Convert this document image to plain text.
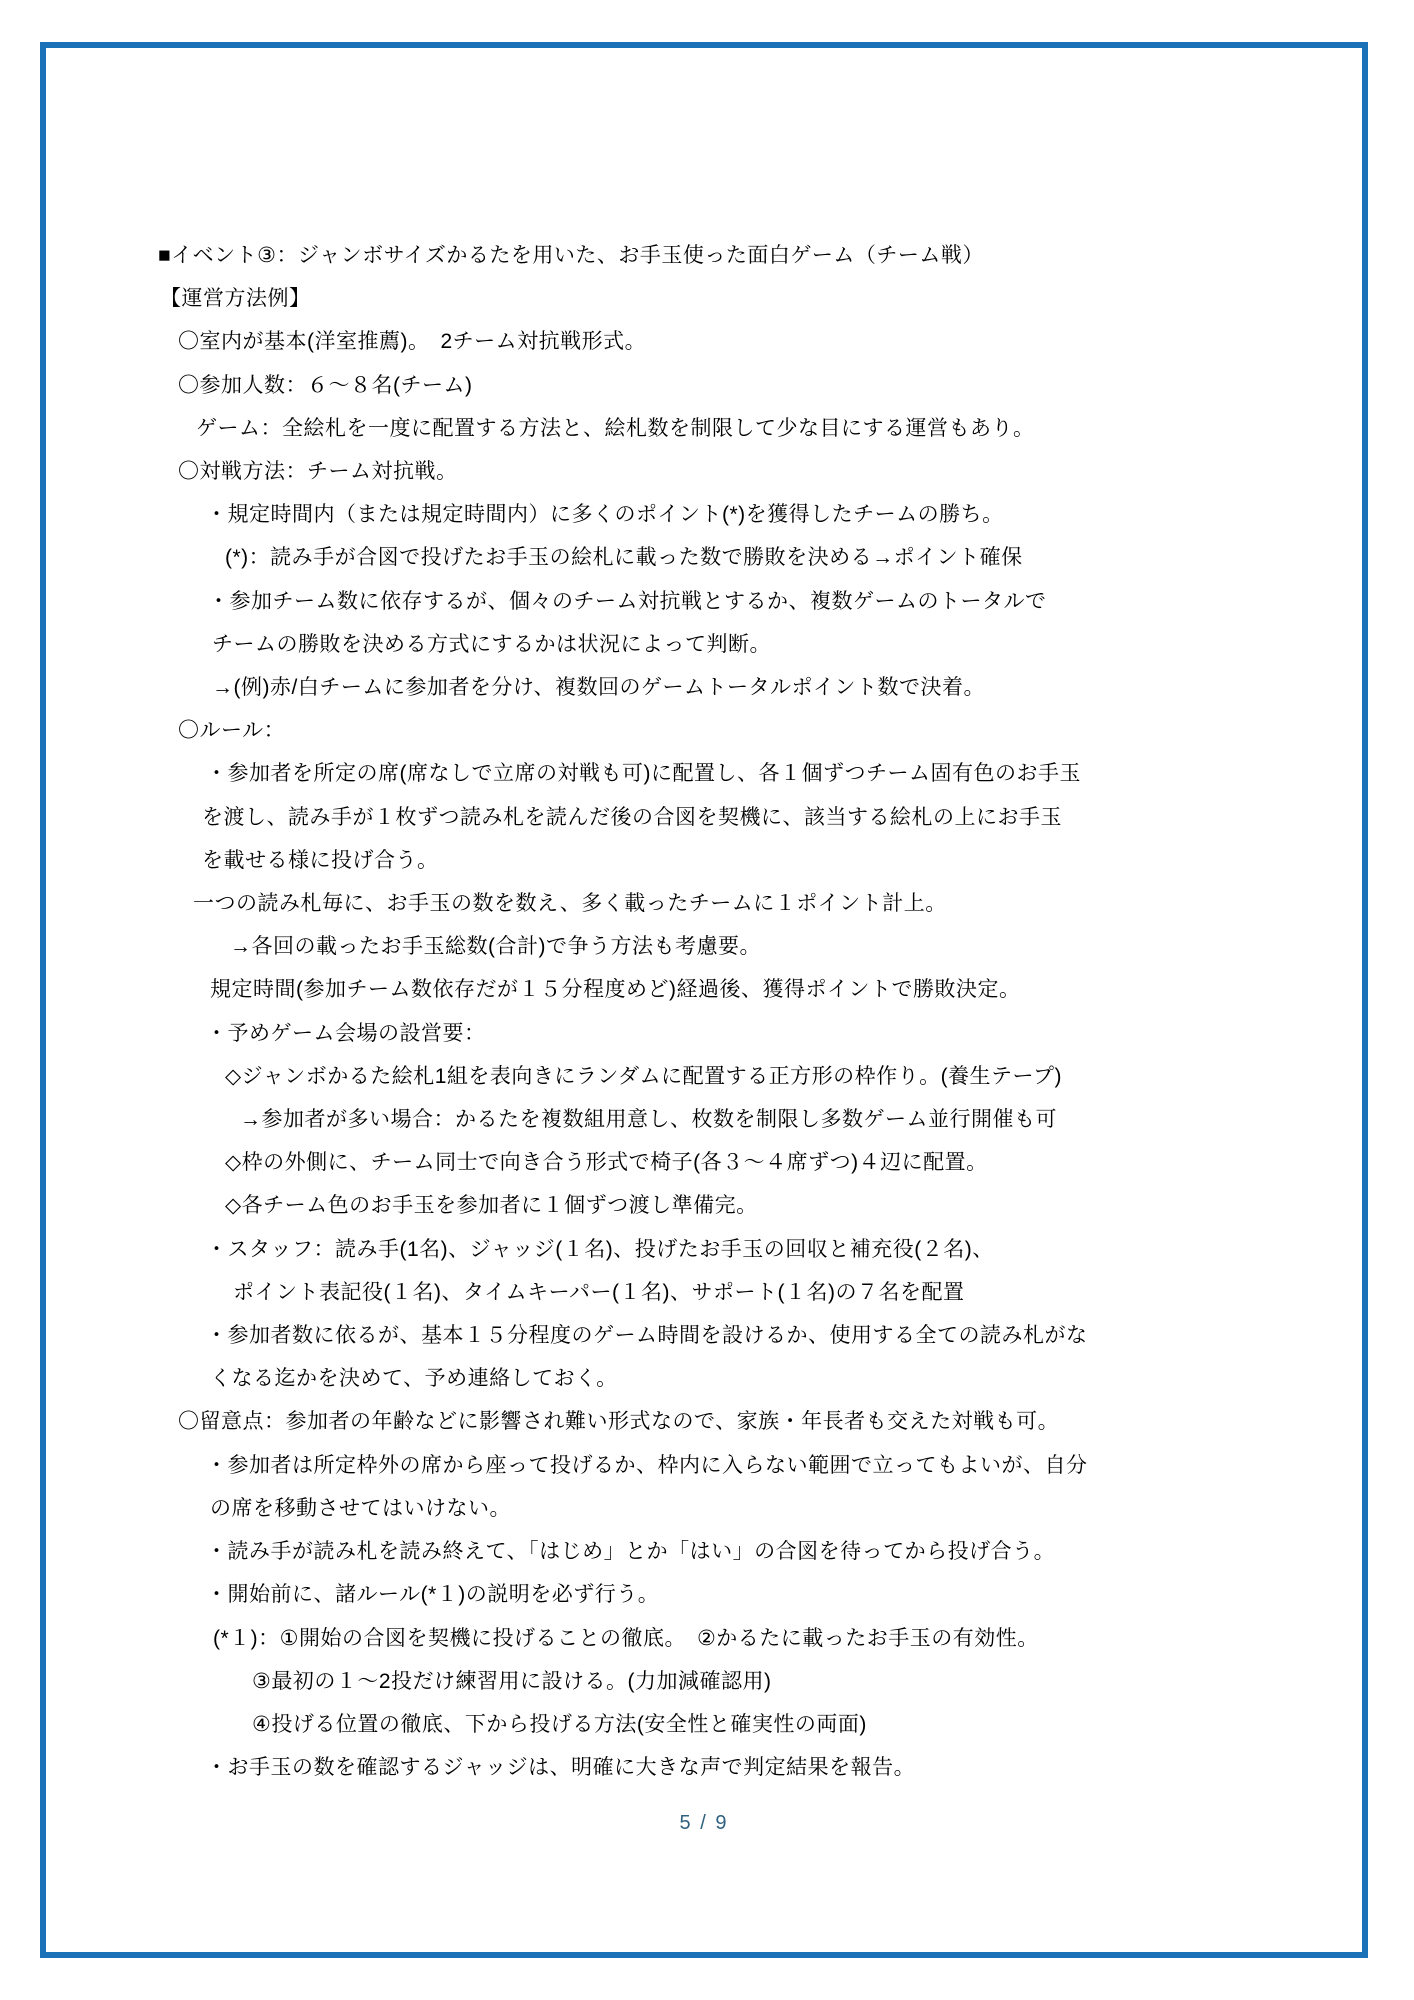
■イベント③：ジャンボサイズかるたを用いた、お手玉使った面白ゲーム（チーム戦）
【運営方法例】
〇室内が基本(洋室推薦)。　2チーム対抗戦形式。
〇参加人数：６～８名(チーム)
ゲーム：全絵札を一度に配置する方法と、絵札数を制限して少な目にする運営もあり。
〇対戦方法：チーム対抗戦。
・規定時間内（または規定時間内）に多くのポイント(*)を獲得したチームの勝ち。
(*)：読み手が合図で投げたお手玉の絵札に載った数で勝敗を決める→ポイント確保
・参加チーム数に依存するが、個々のチーム対抗戦とするか、複数ゲームのトータルで
チームの勝敗を決める方式にするかは状況によって判断。
→(例)赤/白チームに参加者を分け、複数回のゲームトータルポイント数で決着。
〇ルール：
・参加者を所定の席(席なしで立席の対戦も可)に配置し、各１個ずつチーム固有色のお手玉
を渡し、読み手が１枚ずつ読み札を読んだ後の合図を契機に、該当する絵札の上にお手玉
を載せる様に投げ合う。
一つの読み札毎に、お手玉の数を数え、多く載ったチームに１ポイント計上。
→各回の載ったお手玉総数(合計)で争う方法も考慮要。
規定時間(参加チーム数依存だが１５分程度めど)経過後、獲得ポイントで勝敗決定。
・予めゲーム会場の設営要：
◇ジャンボかるた絵札1組を表向きにランダムに配置する正方形の枠作り。(養生テープ)
→参加者が多い場合：かるたを複数組用意し、枚数を制限し多数ゲーム並行開催も可
◇枠の外側に、チーム同士で向き合う形式で椅子(各３～４席ずつ)４辺に配置。
◇各チーム色のお手玉を参加者に１個ずつ渡し準備完。
・スタッフ：読み手(1名)、ジャッジ(１名)、投げたお手玉の回収と補充役(２名)、
ポイント表記役(１名)、タイムキーパー(１名)、サポート(１名)の７名を配置
・参加者数に依るが、基本１５分程度のゲーム時間を設けるか、使用する全ての読み札がな
くなる迄かを決めて、予め連絡しておく。
〇留意点：参加者の年齢などに影響され難い形式なので、家族・年長者も交えた対戦も可。
・参加者は所定枠外の席から座って投げるか、枠内に入らない範囲で立ってもよいが、自分
の席を移動させてはいけない。
・読み手が読み札を読み終えて、「はじめ」とか「はい」の合図を待ってから投げ合う。
・開始前に、諸ルール(*１)の説明を必ず行う。
(*１)：①開始の合図を契機に投げることの徹底。　②かるたに載ったお手玉の有効性。
③最初の１～2投だけ練習用に設ける。(力加減確認用)
④投げる位置の徹底、下から投げる方法(安全性と確実性の両面)
・お手玉の数を確認するジャッジは、明確に大きな声で判定結果を報告。
5 / 9
